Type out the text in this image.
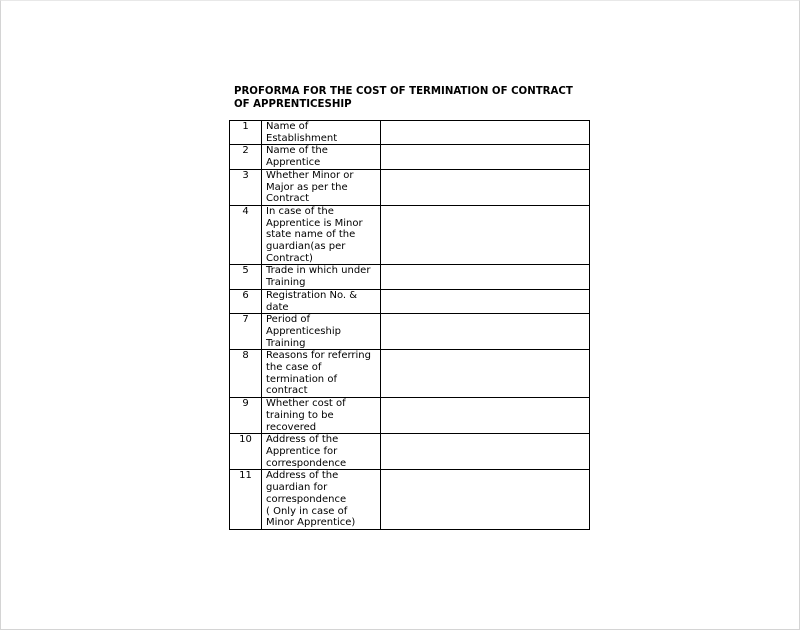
PROFORMA FOR THE COST OF TERMINATION OF CONTRACT
OF APPRENTICESHIP
1	Name of
Establishment	

2	Name of the
Apprentice	

3	Whether Minor or
Major as per the
Contract	

4	In case of the
Apprentice is Minor
state name of the
guardian(as per
Contract)	

5	Trade in which under
Training	

6	Registration No. &
date	

7	Period of
Apprenticeship
Training	

8	Reasons for referring
the case of
termination of
contract	

9	Whether cost of
training to be
recovered	

10	Address of the
Apprentice for
correspondence	

11	Address of the
guardian for
correspondence
( Only in case of
Minor Apprentice)	
